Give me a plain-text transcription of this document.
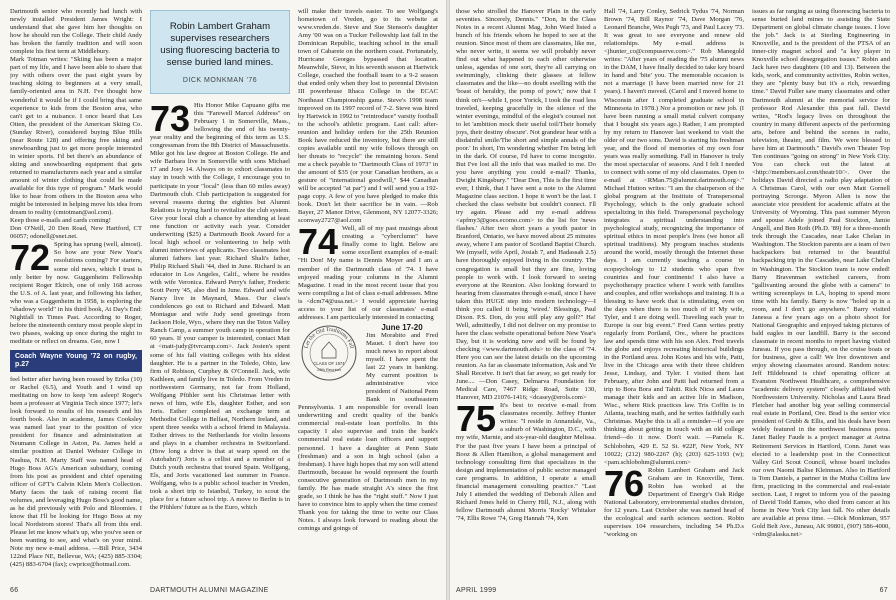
Dartmouth senior who recently had lunch with newly installed President James Wright: I understand that she gave him her thoughts on how he should run the College. Their child Andy has broken the family tradition and will soon complete his first term at Middlebury.

Mark Totman writes: "Skiing has been a major part of my life, and I have been able to share that joy with others over the past eight years by teaching skiing to beginners at a very small, family-oriented area in N.H. I've thought how wonderful it would be if I could bring that same experience to kids from the Boston area, who can't get to a nuisance. I once heard that Les Otten, the president of the American Skiing Co. (Sunday River), considered buying Blue Hills (near Route 128) and offering free skiing and snowboarding just to get more people interested in winter sports. I'd bet there's an abundance of skiing and snowboarding equipment that gets returned to manufacturers each year and a similar amount of winter clothing that could be made available for this type of program." Mark would like to hear from others in the Boston area who might be interested in helping move his idea from dream to reality (cmtotman@aol.com).

Keep those e-mails and cards coming!

Don O'Neill, 20 Den Road, New Hartford, CT 06057; odonell@snet.net.

72 Spring has sprung (well, almost). So how are your New Year's resolutions coming? For starters, some old news, which I trust is only better by now. Guggenheim Fellowship recipient Roger Ekirch, one of only 168 across the U.S. of A. last year, and following his father, who was a Guggenheim in 1958, is exploring the "shadowy world" in his third book, At Day's End: Nightfall in Times Past. According to Roger, before the nineteenth century most people slept in two phases, waking up once during the night to meditate or reflect on dreams. Gee, now I

Coach Wayne Young '72 on rugby, p.27

feel better after having been roused by Erika (10) or Rachel (6.5), and Youth and I wind up meditating on how to keep 'em asleep! Roger's been a professor at Virginia Tech since 1977; let's look forward to results of his research and his fourth book. Also in academe, James Cooksley was named last year to the position of vice president for finance and administration at Neumann College in Aston, Pa. James held a similar position at Daniel Webster College in Nashua, N.H. Marty Staff was named head of Hugo Boss AG's American subsidiary, coming from his post as president and chief operating officer of GFT's Calvin Klein Men's Collection. Marty faces the task of raising recent flat volumes, and leveraging Hugo Boss's good name, as he did previously with Polo and Bloomies. I know that I'll be looking for Hugo Boss at my local Nordstrom stores! That's all from this end. Please let me know what's up, who you've seen or been wanting to see, and what's on your mind. Note my new e-mail address. —Bill Price, 3434 122nd Place NE, Bellevue, WA; (425) 885-3304; (425) 883-6704 (fax); cwprice@hotmail.com.

Robin Lambert Graham supervises researchers using fluorescing bacteria to sense buried land mines.
DICK MONKMAN '76

73 His Honor Mike Capuano gifts me this "Farewell Marcel Address" on February 1 in Somerville, Mass., bellowing the end of his twenty-year orality and the beginning of this term as U.S. congressman from the 8th District of Massachusetts. Mike got his law degree at Boston College. He and wife Barbara live in Somerville with sons Michael 17 and Joey 14. Always on to exhort classmates to stay in touch with the College, I encourage you to participate in your "local" (less than 60 miles away) Dartmouth club. Club participation is suggested for several reasons during the eighties but Alumni Relations is trying hard to revitalize the club system. Give your local club a chance by attending at least one function or activity each year. Consider underwriting ($25) a Dartmouth Book Award for a local high school or volunteering to help with alumni interviews of applicants. Two classmates lost alumni fathers last year. Richard Shali's father, Philip Richard Shali '44, died in June. Richard is an educator in Los Angeles, Calif., where he resides with wife Veronica. Edward Perry's father, Frederic Scott Perry '45, also died in June. Edward and wife Nancy live in Maynard, Mass. Our class's condolences go out to Richard and Edward. Matt Montague and wife Judy send greetings from Jackson Hole, Wyo., where they run the Teton Valley Ranch Camp, a summer youth camp in operation for 60 years. If your camper is interested, contact Matt at <matt-judy@tvrcamp.com>. Jack Josten's spent some of his fall visiting colleges with his eldest daughter. He is a partner in the Toledo, Ohio, law firm of Robison, Curphey & O'Connell. Jack, wife Kathleen, and family live in Toledo. From Vreden in northwestern Germany, not far from Holland, Wolfgang Pfühler sent his Christmas letter with news of him, wife Els, daughter Esther, and son Joris. Esther completed an exchange term at Methodist College in Belfast, Northern Ireland, and spent three weeks with a school friend in Malaysia. Esther drives to the Netherlands for violin lessons and plays in a chamber orchestra in Switzerland. (How long a drive is that at warp speed on the Autobahn?) Joris is a cellist and a member of a Dutch youth orchestra that toured Spain. Wolfgang, Els, and Joris vacationed last summer in France. Wolfgang, who is a public school teacher in Vreden, took a short trip to Istanbul, Turkey, to scout the place for a future school trip. A move to Berlin is in the Pfühlers' future as is the Euro, which

will make their travels easier. To see Wolfgang's hometown of Vreden, go to its website at www.vreden.de. Steve and Sue Stenson's daughter Amy '00 was on a Tucker Fellowship last fall in the Dominican Republic, teaching school in the small town of Cabarete on the northern coast. Fortunately, Hurricane Georges bypassed that location. Meanwhile, Steve, in his seventh season at Hartwick College, coached the football team to a 9-2 season that ended only when they lost to perennial Division III powerhouse Ithaca College in the ECAC Northeast Championship game. Steve's 1998 team improved on its 1997 record of 7-2. Steve was hired by Hartwick in 1992 to "reintroduce" varsity football to the school's athletic program. Last call: after-reunion and holiday orders for the 25th Reunion Book have reduced the inventory, but there are still copies available until my wife follows through on her threats to "recycle" the remaining boxes. Send me a check payable to "Dartmouth Class of 1973" in the amount of $35 (or your Canadian brothers, as a gesture of "international goodwill," $44 Canadian will be accepted "at par") and I will send you a 192-page copy. A few of you have pledged to make this book. Don't let their sacrifice be in vain. —Rob Bayer, 27 Manor Drive, Glenmont, NY 12077-3326; sconway2727@aol.com

74 Well, all of my past musings about creating a "cyberclumn" have finally come to light. Below are some excellent examples of e-mail: "Hi Don! My name is Dennis Moyer and I am a member of the Dartmouth class of '74. I have enjoyed reading your columns in the Alumni Magazine. I read in the most recent issue that you were compiling a list of class e-mail addresses. Mine is <dcm74@usa.net.> I would appreciate having access to your list of our classmates' e-mail addresses. I am particularly interested in contacting

Let the Old Traditions Fall
CLASS OF 1974
25th Reunion

June 17-20
Jim Morabito and Fred Mauet. I don't have too much news to report about myself. I have spent the last 22 years in banking. My current position is administrative vice president of National Penn Bank in southeastern Pennsylvania. I am responsible for overall loan underwriting and credit quality of the bank's commercial real-estate loan portfolio. In this capacity I also supervise and train the bank's commercial real estate loan officers and support personnel. I have a daughter at Penn State (freshman) and a son in high school (also a freshman). I have high hopes that my son will attend Dartmouth, because he would represent the fourth consecutive generation of Dartmouth men in my family. He has made straight A's since the first grade, so I think he has the "right stuff." Now I just have to convince him to apply when the time comes! Thank you for taking the time to write our Class Notes. I always look forward to reading about the comings and goings of

66	DARTMOUTH ALUMNI MAGAZINE

those who strolled the Hanover Plain in the early seventies. Sincerely, Dennis." "Don, In the Class Notes in a recent Alumni Mag, John Ward listed a bunch of his friends whom he hoped to see at the reunion. Since most of them are classmates, like me, who never write, it seems we will probably never find out what happened to each other otherwise unless, agendas of one sort, they're all carrying on swimmingly, clinking their glasses at fellow classmates and the like—no doubt swelling with the 'boast of heraldry, the pomp of pow'r,' now that I think on't—while I, poor Yorick, I took the road less traveled, keeping gracefully in the silence of the winter evenings, mindful of the elegist's counsel not to let 'ambition mock their useful toil/Their homely joys, their destiny obscure'. Not grandeur hear with a disdainful smile/The short and simple annals of the poor.' In short, I'm wondering whether I'm being left in the dark. Of course, I'd have to come incognito. But I've lost all the info that was mailed to me. Do you have anything you could e-mail? Thanks, Dwight Kingsbury." "Dear Don, This is the first time ever, I think, that I have sent a note to the Alumni Magazine class section. I hope it won't be the last. I checked the class website but couldn't connect. I'll try again. Please add my e-mail address <apfmy3@goes.ecomo.com> to the list for 'news flashes.' After two short years a youth pastor in Branford, Ontario, we have moved about 25 minutes away, where I am pastor of Scotland Baptist Church. We (myself, wife April, Josiah 7, and Hadassah 2.5) have thoroughly enjoyed living in the country. The congregation is small but they are fine, loving people to work with. I look forward to seeing everyone at the Reunion. Also looking forward to hearing from classmates through e-mail, since I have taken this HUGE step into modern technology—I think you called it being 'wired.' Blessings, Paul Dixon. P.S. Don, do you still play any golf?" Ha! Well, admittedly, I did not deliver on my promise to have the class website operational before New Year's Day, but it is working now and will be found by checking <www.dartmouth.edu> to the class of '74. Here you can see the latest details on the upcoming reunion. As far as classmate information, Ask and Ye Shall Receive. It isn't that far away, so get ready for June.... —Don Casey, Delmarva Foundation for Medical Care, 7467 Ridge Road, Suite 130, Hanover, MD 21076-1416; <dcasey@erols.com>

75 It's best to receive e-mail from classmates recently. Jeffrey Hunter writes: "I reside in Annandale, Va., a suburb of Washington, D.C., with my wife, Marnie, and six-year-old daughter Melissa. For the past five years I have been a principal of Booz & Allen Hamilton, a global management and technology consulting firm that specializes in the design and implementation of public sector managed care programs. In addition, I operate a small financial management consulting practice." "Last July I attended the wedding of Deborah Allen and Richard Jones held in Cherry Hill, N.J., along with fellow Dartmouth alumni Morris 'Rocky' Whitaker '74, Ellis Rowe '74, Greg Hannah '74, Ken

Hall '74, Larry Conley, Sedrick Tydus '74, Norman Brown '74, Bill Raynor '74, Dave Morgan '76, Leonard Branche, Wes Pugh '73, and Paul Lacey '73. It was great to see everyone and renew old relationships. My e-mail address is <jhunter_co@compuserve.com>." Rob Manegold writes: "After years of reading the '75 alumni news in the DAM, I have finally decided to take key board in hand and 'bite' you. The memorable occasion is not a marriage (I have been married now for 21 years). I haven't moved. (Carol and I moved home to Wisconsin after I completed graduate school in Minnesota in 1978.) Nor a promotion or new job. (I have been running a small metal culvert company that I bought six years ago.) Rather, I am prompted by my return to Hanover last weekend to visit the older of our two sons. David is starting his freshman year, and the flood of memories of my own four years was really something. Fall in Hanover is truly the most spectacular of seasons. And I felt I needed to connect with some of my old classmates. Open to e-mail at <RMan.75@alumni.dartmouth.org>." Michael Hutton writes: "I am the chairperson of the global program at the Institute of Transpersonal Psychology, which is the only graduate school specializing in this field. Transpersonal psychology integrates a spiritual understanding into psychological study, recognizing the importance of spiritual ethics in most people's lives (we honor all spiritual traditions). My program teaches students around the world, mostly through the Internet these days. I am currently teaching a course in ecopsychology to 12 students who span five countries and four continents! I also have a psychotherapy practice where I work with families and couples, and offer workshops and training. It is a blessing to have work that is stimulating, even on the days when there is too much of it! My wife, Tyler, and I are doing well. Traveling each year to Europe is our big event." Fred Cann writes pretty regularly from Portland, Ore., where he practices law and spends time with his son Alex. Fred travels the globe and enjoys recreating historical buildings in the Portland area. John Kotes and his wife, Patti, live in the Chicago area with their three children Jesse, Lindsay, and Tyler. I visited them last February, after John and Patti had returned from a trip to Bora Bora and Tahiti. Rick Nicss and Laura manage their kids and an active life in Madison, Wisc., where Rick practices law. Tris Coffin is in Atlanta, teaching math, and he writes faithfully each Christmas. Maybe this is all a reminder—if you are thinking about getting in touch with an old college friend—do it now. Don't wait. —Pamela K. Schlobohm, 429 E. 52 St. #22F, New York, NY 10022; (212) 980-2267 (h); (203) 625-1193 (w); <pam.schlobohm@alumni.com>

76 Robin Lambert Graham and Jack Graham are in Knoxville, Tenn. Robin has worked at the Department of Energy's Oak Ridge National Laboratory, environmental studies division, for 12 years. Last October she was named head of the ecological and earth sciences section. Robin supervises 104 researchers, including 54 Ph.D.s "working on

issues as far ranging as using fluorescing bacteria to sense buried land mines to assisting the State Department on global climate change issues. I love the job." Jack is at Sterling Engineering in Knoxville, and is the president of the PTSA of an inner-city magnet school and "a key player in Knoxville school desegregation issues." Robin and Jack have two daughters (10 and 13). Between the kids, work, and community activities, Robin writes, they are "plenty busy but it's a rich, rewarding time." David Fuller saw many classmates and other Dartmouth alumni at the memorial service for professor Rod Alexander this past fall. David writes, "Rod's legacy lives on throughout the country in many different aspects of the performing arts, before and behind the scenes in radio, television, theater, and film. We were blessed to have him at Dartmouth." David's own Theater Top Ten continues "going on strong" in New York City. You can check out the latest at <http://members.aol.com/theatr10/>. Over the holidays David directed a radio play adaptation of A Christmas Carol, with our own Matt Gornell portraying Scrooge. Myron Allen is now the associate vice president for academic affairs at the University of Wyoming. This past summer Myron and spouse Adele joined Paul Stockton, Jamie Angell, and Ben Roth (Ph.D. '89) for a three-month trek through the Cascades, near Lake Chelan in Washington. The Stockton parents are a team of two backpackers but returned to the beautiful backpacking trip in the Cascades, near Lake Chelan in Washington. The Stockton team is now ended! Barry Bravenman switched careers, from "gallivanting around the globe with a camera" to writing screenplays in LA, hoping to spend more time with his family. Barry is now "holed up in a room, and I don't go anywhere." Barry visited Janessa a few years ago on a photo shoot for National Geographic and enjoyed taking pictures of bald eagles in our landfill. Barry is the second classmate in recent months to report having visited Juneau. If you pass through, on the cruise boats or for business, give a call! We live downtown and enjoy showing classmates around. Random notes: Jeff Hildebrand is chief operating officer at Evanston Northwest Healthcare, a comprehensive "academic delivery system" closely affiliated with Northwestern University. Nicholas and Laura Brad Fletcher had another big year selling commercial real estate in Portland, Ore. Brad is the senior vice president of Grubb & Ellis, and his deals have been widely featured in the northwest business press. Janet Bailey Faude is a project manager at Aetna Retirement Services in Hartford, Conn. Janet was elected to a leadership post in the Connecticut Valley Girl Scout Council, whose board includes our own Naomi Balise Kleinman. Also in Hartford is Tom Daniels, a partner in the Mutha Collins law firm, practicing in the commercial and real-estate section. Last, I regret to inform you of the passing of David Todd Eames, who died from cancer at his home in New York City last fall. No other details are available at press time. —Dick Monkman, 957 Gold Belt Ave., Juneau, AK 99801, (907) 586-4000, <rdm@alaska.net>

APRIL 1999	67
